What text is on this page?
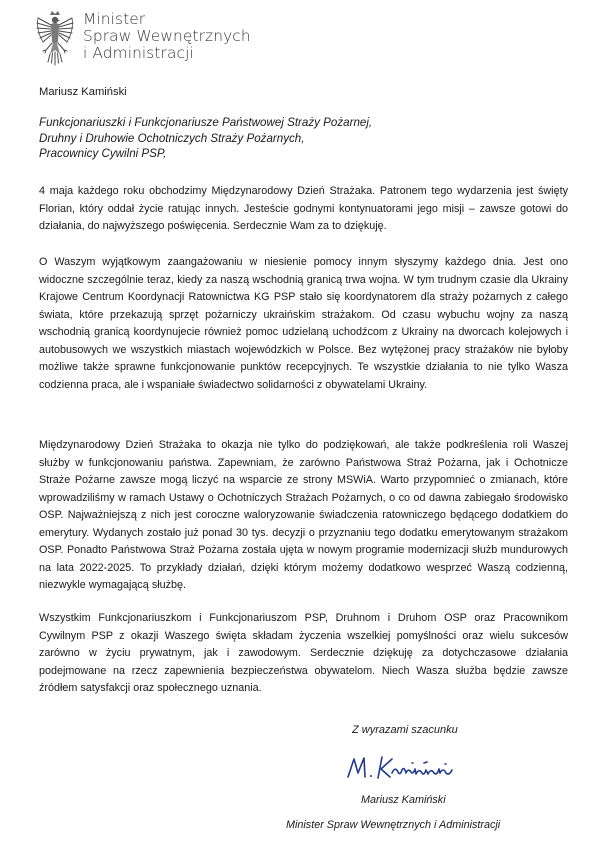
Minister
Spraw Wewnętrznych
i Administracji
Mariusz Kamiński
Funkcjonariuszki i Funkcjonariusze Państwowej Straży Pożarnej,
Druhny i Druhowie Ochotniczych Straży Pożarnych,
Pracownicy Cywilni PSP,
4 maja każdego roku obchodzimy Międzynarodowy Dzień Strażaka. Patronem tego wydarzenia jest święty Florian, który oddał życie ratując innych. Jesteście godnymi kontynuatorami jego misji – zawsze gotowi do działania, do najwyższego poświęcenia. Serdecznie Wam za to dziękuję.
O Waszym wyjątkowym zaangażowaniu w niesienie pomocy innym słyszymy każdego dnia. Jest ono widoczne szczególnie teraz, kiedy za naszą wschodnią granicą trwa wojna. W tym trudnym czasie dla Ukrainy Krajowe Centrum Koordynacji Ratownictwa KG PSP stało się koordynatorem dla straży pożarnych z całego świata, które przekazują sprzęt pożarniczy ukraińskim strażakom. Od czasu wybuchu wojny za naszą wschodnią granicą koordynujecie również pomoc udzielaną uchodźcom z Ukrainy na dworcach kolejowych i autobusowych we wszystkich miastach wojewódzkich w Polsce. Bez wytężonej pracy strażaków nie byłoby możliwe także sprawne funkcjonowanie punktów recepcyjnych. Te wszystkie działania to nie tylko Wasza codzienna praca, ale i wspaniałe świadectwo solidarności z obywatelami Ukrainy.
Międzynarodowy Dzień Strażaka to okazja nie tylko do podziękowań, ale także podkreślenia roli Waszej służby w funkcjonowaniu państwa. Zapewniam, że zarówno Państwowa Straż Pożarna, jak i Ochotnicze Straże Pożarne zawsze mogą liczyć na wsparcie ze strony MSWiA. Warto przypomnieć o zmianach, które wprowadziliśmy w ramach Ustawy o Ochotniczych Strażach Pożarnych, o co od dawna zabiegało środowisko OSP. Najważniejszą z nich jest coroczne waloryzowanie świadczenia ratowniczego będącego dodatkiem do emerytury. Wydanych zostało już ponad 30 tys. decyzji o przyznaniu tego dodatku emerytowanym strażakom OSP. Ponadto Państwowa Straż Pożarna została ujęta w nowym programie modernizacji służb mundurowych na lata 2022-2025. To przykłady działań, dzięki którym możemy dodatkowo wesprzeć Waszą codzienną, niezwykle wymagającą służbę.
Wszystkim Funkcjonariuszkom i Funkcjonariuszom PSP, Druhnom i Druhom OSP oraz Pracownikom Cywilnym PSP z okazji Waszego święta składam życzenia wszelkiej pomyślności oraz wielu sukcesów zarówno w życiu prywatnym, jak i zawodowym. Serdecznie dziękuję za dotychczasowe działania podejmowane na rzecz zapewnienia bezpieczeństwa obywatelom. Niech Wasza służba będzie zawsze źródłem satysfakcji oraz społecznego uznania.
Z wyrazami szacunku
Mariusz Kamiński
Minister Spraw Wewnętrznych i Administracji
